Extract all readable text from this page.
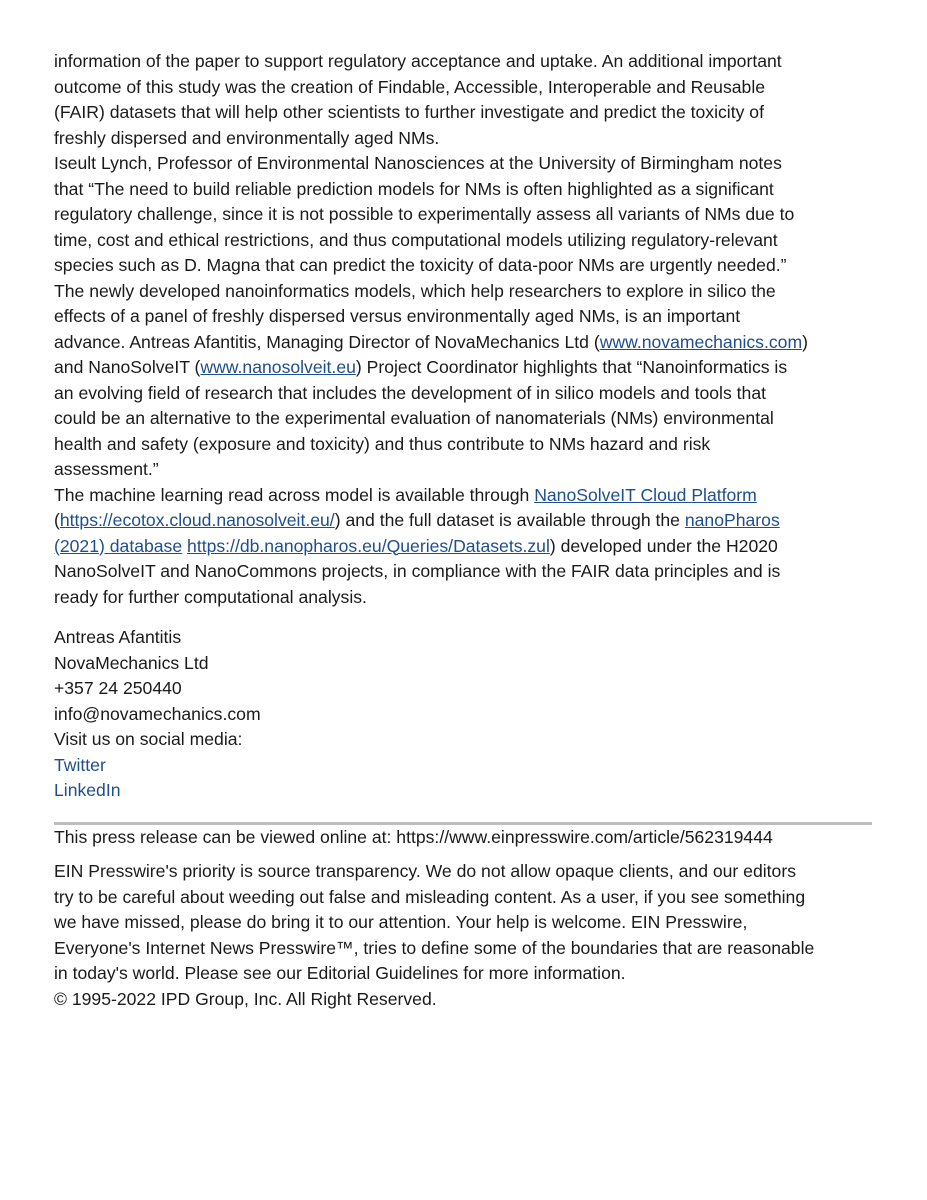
information of the paper to support regulatory acceptance and uptake. An additional important
outcome of this study was the creation of Findable, Accessible, Interoperable and Reusable
(FAIR) datasets that will help other scientists to further investigate and predict the toxicity of
freshly dispersed and environmentally aged NMs.
Iseult Lynch, Professor of Environmental Nanosciences at the University of Birmingham notes
that “The need to build reliable prediction models for NMs is often highlighted as a significant
regulatory challenge, since it is not possible to experimentally assess all variants of NMs due to
time, cost and ethical restrictions, and thus computational models utilizing regulatory-relevant
species such as D. Magna that can predict the toxicity of data-poor NMs are urgently needed.”
The newly developed nanoinformatics models, which help researchers to explore in silico the
effects of a panel of freshly dispersed versus environmentally aged NMs, is an important
advance. Antreas Afantitis, Managing Director of NovaMechanics Ltd (www.novamechanics.com)
and NanoSolveIT (www.nanosolveit.eu) Project Coordinator highlights that “Nanoinformatics is
an evolving field of research that includes the development of in silico models and tools that
could be an alternative to the experimental evaluation of nanomaterials (NMs) environmental
health and safety (exposure and toxicity) and thus contribute to NMs hazard and risk
assessment.”
The machine learning read across model is available through NanoSolveIT Cloud Platform
(https://ecotox.cloud.nanosolveit.eu/) and the full dataset is available through the nanoPharos
(2021) database https://db.nanopharos.eu/Queries/Datasets.zul) developed under the H2020
NanoSolveIT and NanoCommons projects, in compliance with the FAIR data principles and is
ready for further computational analysis.
Antreas Afantitis
NovaMechanics Ltd
+357 24 250440
info@novamechanics.com
Visit us on social media:
Twitter
LinkedIn
This press release can be viewed online at: https://www.einpresswire.com/article/562319444
EIN Presswire's priority is source transparency. We do not allow opaque clients, and our editors
try to be careful about weeding out false and misleading content. As a user, if you see something
we have missed, please do bring it to our attention. Your help is welcome. EIN Presswire,
Everyone's Internet News Presswire™, tries to define some of the boundaries that are reasonable
in today's world. Please see our Editorial Guidelines for more information.
© 1995-2022 IPD Group, Inc. All Right Reserved.
